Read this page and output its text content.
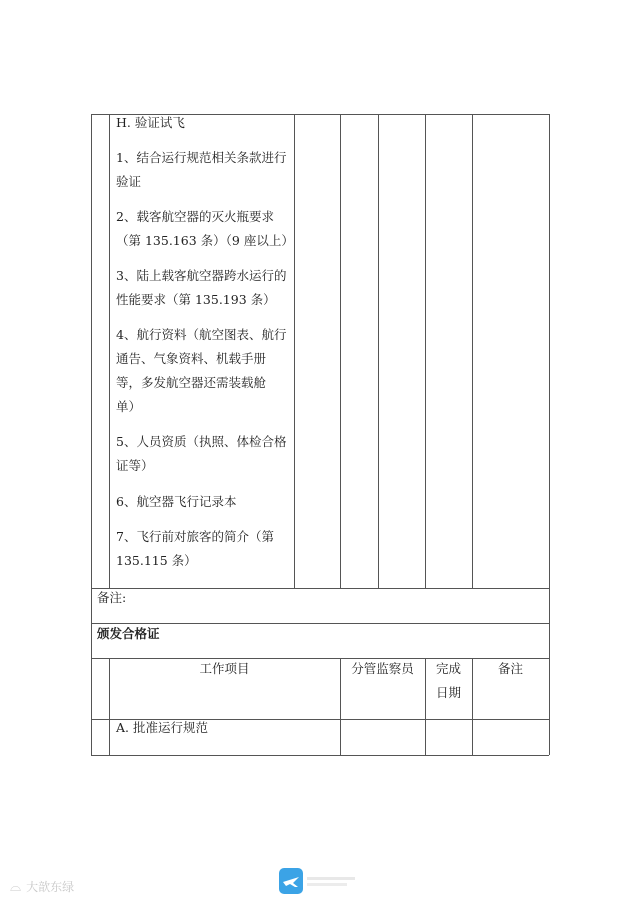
H. 验证试飞
1、结合运行规范相关条款进行
验证
2、载客航空器的灭火瓶要求
（第 135.163 条）（9 座以上）
3、陆上载客航空器跨水运行的
性能要求（第 135.193 条）
4、航行资料（航空图表、航行
通告、气象资料、机载手册
等，多发航空器还需装载舱
单）
5、人员资质（执照、体检合格
证等）
6、航空器飞行记录本
7、飞行前对旅客的简介（第
135.115 条）
备注:
颁发合格证
工作项目	分管监察员	完成
日期
备注
A. 批准运行规范
⌓ 大歆东绿
